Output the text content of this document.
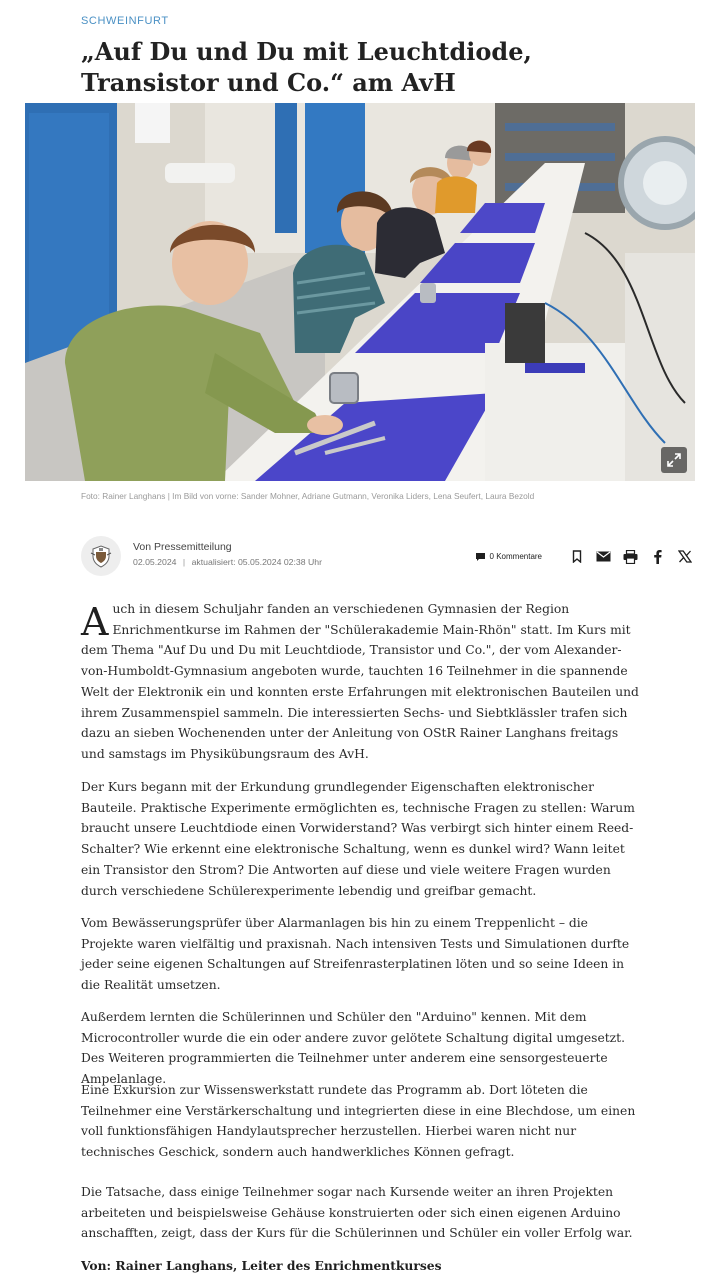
SCHWEINFURT
„Auf Du und Du mit Leuchtdiode, Transistor und Co.“ am AvH
Foto: Rainer Langhans | Im Bild von vorne: Sander Mohner, Adriane Gutmann, Veronika Liders, Lena Seufert, Laura Bezold
Von Pressemitteilung
02.05.2024 | aktualisiert: 05.05.2024 02:38 Uhr
0 Kommentare

Auch in diesem Schuljahr fanden an verschiedenen Gymnasien der Region Enrichmentkurse im Rahmen der "Schülerakademie Main-Rhön" statt. Im Kurs mit dem Thema "Auf Du und Du mit Leuchtdiode, Transistor und Co.", der vom Alexander-von-Humboldt-Gymnasium angeboten wurde, tauchten 16 Teilnehmer in die spannende Welt der Elektronik ein und konnten erste Erfahrungen mit elektronischen Bauteilen und ihrem Zusammenspiel sammeln. Die interessierten Sechs- und Siebtklässler trafen sich dazu an sieben Wochenenden unter der Anleitung von OStR Rainer Langhans freitags und samstags im Physikübungsraum des AvH.

Der Kurs begann mit der Erkundung grundlegender Eigenschaften elektronischer Bauteile. Praktische Experimente ermöglichten es, technische Fragen zu stellen: Warum braucht unsere Leuchtdiode einen Vorwiderstand? Was verbirgt sich hinter einem Reed-Schalter? Wie erkennt eine elektronische Schaltung, wenn es dunkel wird? Wann leitet ein Transistor den Strom? Die Antworten auf diese und viele weitere Fragen wurden durch verschiedene Schülerexperimente lebendig und greifbar gemacht.

Vom Bewässerungsprüfer über Alarmanlagen bis hin zu einem Treppenlicht – die Projekte waren vielfältig und praxisnah. Nach intensiven Tests und Simulationen durfte jeder seine eigenen Schaltungen auf Streifenrasterplatinen löten und so seine Ideen in die Realität umsetzen.

Außerdem lernten die Schülerinnen und Schüler den "Arduino" kennen. Mit dem Microcontroller wurde die ein oder andere zuvor gelötete Schaltung digital umgesetzt. Des Weiteren programmierten die Teilnehmer unter anderem eine sensorgesteuerte Ampelanlage.

Eine Exkursion zur Wissenswerkstatt rundete das Programm ab. Dort löteten die Teilnehmer eine Verstärkerschaltung und integrierten diese in eine Blechdose, um einen voll funktionsfähigen Handylautsprecher herzustellen. Hierbei waren nicht nur technisches Geschick, sondern auch handwerkliches Können gefragt.

Die Tatsache, dass einige Teilnehmer sogar nach Kursende weiter an ihren Projekten arbeiteten und beispielsweise Gehäuse konstruierten oder sich einen eigenen Arduino anschafften, zeigt, dass der Kurs für die Schülerinnen und Schüler ein voller Erfolg war.

Von: Rainer Langhans, Leiter des Enrichmentkurses
